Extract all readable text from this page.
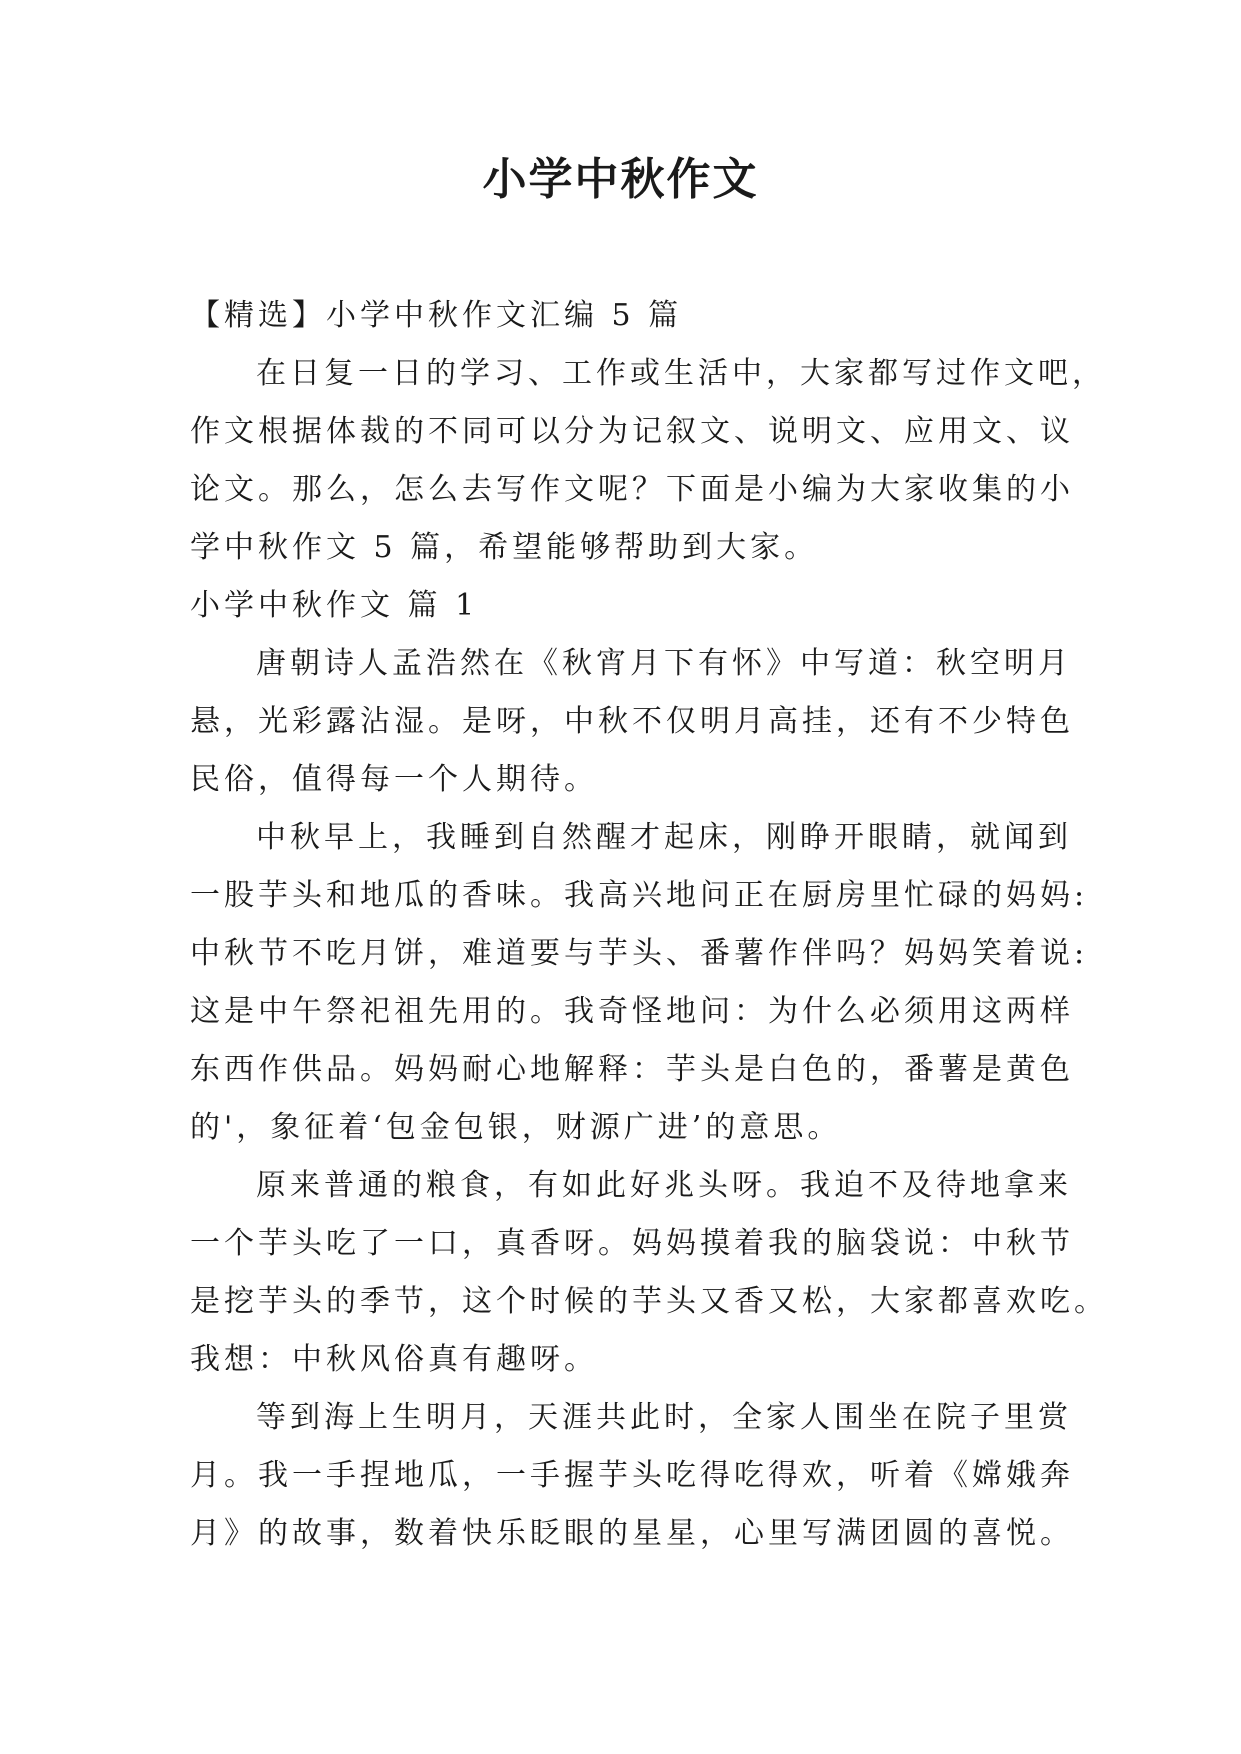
小学中秋作文
【精选】小学中秋作文汇编 5 篇
在日复一日的学习、工作或生活中，大家都写过作文吧，
作文根据体裁的不同可以分为记叙文、说明文、应用文、议
论文。那么，怎么去写作文呢？下面是小编为大家收集的小
学中秋作文 5 篇，希望能够帮助到大家。
小学中秋作文 篇 1
唐朝诗人孟浩然在《秋宵月下有怀》中写道：秋空明月
悬，光彩露沾湿。是呀，中秋不仅明月高挂，还有不少特色
民俗，值得每一个人期待。
中秋早上，我睡到自然醒才起床，刚睁开眼睛，就闻到
一股芋头和地瓜的香味。我高兴地问正在厨房里忙碌的妈妈:
中秋节不吃月饼，难道要与芋头、番薯作伴吗？妈妈笑着说:
这是中午祭祀祖先用的。我奇怪地问：为什么必须用这两样
东西作供品。妈妈耐心地解释：芋头是白色的，番薯是黄色
的'，象征着‘包金包银，财源广进’的意思。
原来普通的粮食，有如此好兆头呀。我迫不及待地拿来
一个芋头吃了一口，真香呀。妈妈摸着我的脑袋说：中秋节
是挖芋头的季节，这个时候的芋头又香又松，大家都喜欢吃。
我想：中秋风俗真有趣呀。
等到海上生明月，天涯共此时，全家人围坐在院子里赏
月。我一手捏地瓜，一手握芋头吃得吃得欢，听着《嫦娥奔
月》的故事，数着快乐眨眼的星星，心里写满团圆的喜悦。
